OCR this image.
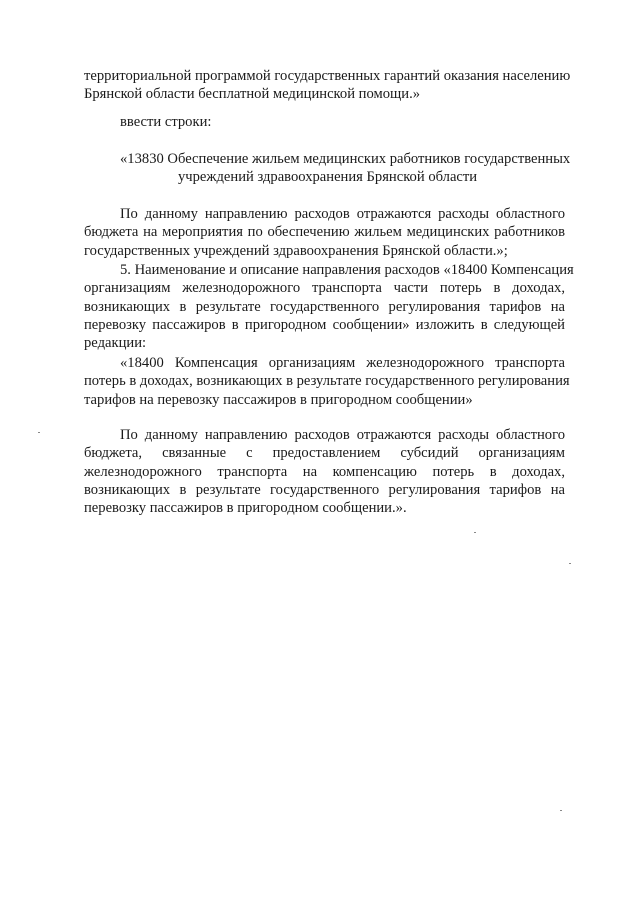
территориальной программой государственных гарантий оказания населению
Брянской области бесплатной медицинской помощи.»

ввести строки:

«13830 Обеспечение жильем медицинских работников государственных
учреждений здравоохранения Брянской области
По данному направлению расходов отражаются расходы областного
бюджета на мероприятия по обеспечению жильем медицинских работников
государственных учреждений здравоохранения Брянской области.»;
5. Наименование и описание направления расходов «18400 Компенсация
организациям железнодорожного транспорта части потерь в доходах,
возникающих в результате государственного регулирования тарифов на
перевозку пассажиров в пригородном сообщении» изложить в следующей
редакции:
«18400 Компенсация организациям железнодорожного транспорта
потерь в доходах, возникающих в результате государственного регулирования
тарифов на перевозку пассажиров в пригородном сообщении»
По данному направлению расходов отражаются расходы областного
бюджета, связанные с предоставлением субсидий организациям
железнодорожного транспорта на компенсацию потерь в доходах,
возникающих в результате государственного регулирования тарифов на
перевозку пассажиров в пригородном сообщении.».
